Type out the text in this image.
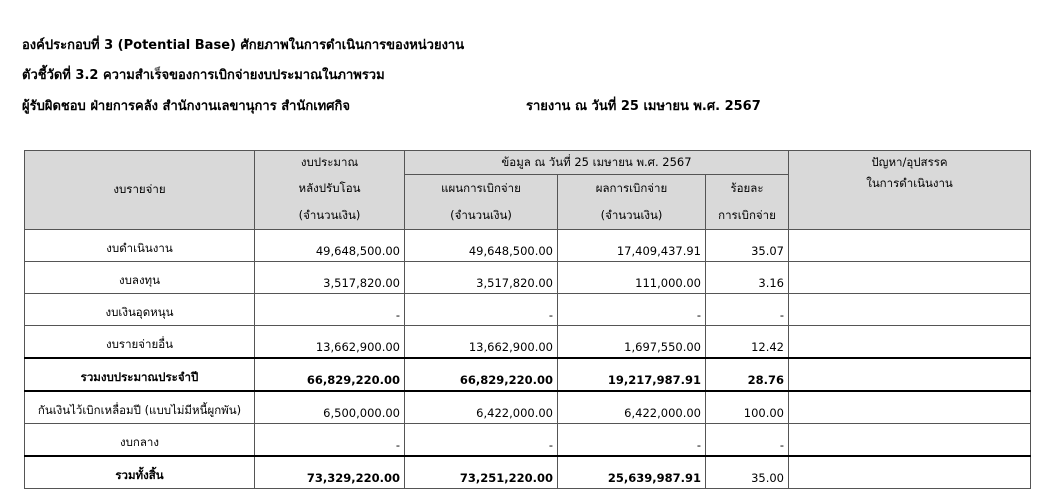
องค์ประกอบที่ 3 (Potential Base) ศักยภาพในการดำเนินการของหน่วยงาน
ตัวชี้วัดที่ 3.2 ความสำเร็จของการเบิกจ่ายงบประมาณในภาพรวม
ผู้รับผิดชอบ ฝ่ายการคลัง สำนักงานเลขานุการ สำนักเทศกิจ	รายงาน ณ วันที่ 25 เมษายน พ.ศ. 2567
งบรายจ่าย	งบประมาณ	ข้อมูล ณ วันที่ 25 เมษายน พ.ศ. 2567			ปัญหา/อุปสรรค
	หลังปรับโอน	แผนการเบิกจ่าย	ผลการเบิกจ่าย	ร้อยละ	ในการดำเนินงาน
	(จำนวนเงิน)	(จำนวนเงิน)	(จำนวนเงิน)	การเบิกจ่าย	
งบดำเนินงาน	49,648,500.00	49,648,500.00	17,409,437.91	35.07	
งบลงทุน	3,517,820.00	3,517,820.00	111,000.00	3.16	
งบเงินอุดหนุน	-	-	-	-	
งบรายจ่ายอื่น	13,662,900.00	13,662,900.00	1,697,550.00	12.42	
รวมงบประมาณประจำปี	66,829,220.00	66,829,220.00	19,217,987.91	28.76	
กันเงินไว้เบิกเหลื่อมปี (แบบไม่มีหนี้ผูกพัน)	6,500,000.00	6,422,000.00	6,422,000.00	100.00	
งบกลาง	-	-	-	-	
รวมทั้งสิ้น	73,329,220.00	73,251,220.00	25,639,987.91	35.00	
